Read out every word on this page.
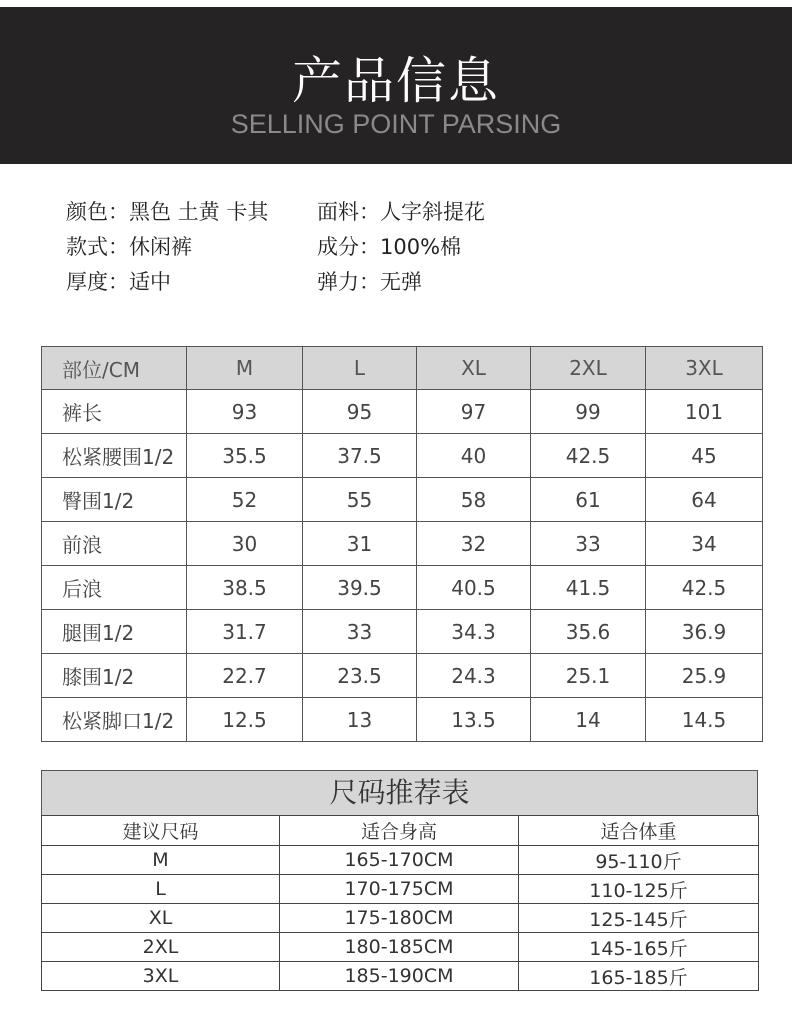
产品信息
SELLING POINT PARSING
颜色：黑色 土黄 卡其 面料：人字斜提花
款式：休闲裤	成分：100%棉
厚度：适中	弹力：无弹
部位/CM	M	L	XL	2XL	3XL
裤长	93	95	97	99	101
松紧腰围1/2	35.5	37.5	40	42.5	45
臀围1/2	52	55	58	61	64
前浪	30	31	32	33	34
后浪	38.5	39.5	40.5	41.5	42.5
腿围1/2	31.7	33	34.3	35.6	36.9
膝围1/2	22.7	23.5	24.3	25.1	25.9
松紧脚口1/2	12.5	13	13.5	14	14.5
尺码推荐表
建议尺码	适合身高	适合体重
M	165-170CM	95-110斤
L	170-175CM	110-125斤
XL	175-180CM	125-145斤
2XL	180-185CM	145-165斤
3XL	185-190CM	165-185斤
